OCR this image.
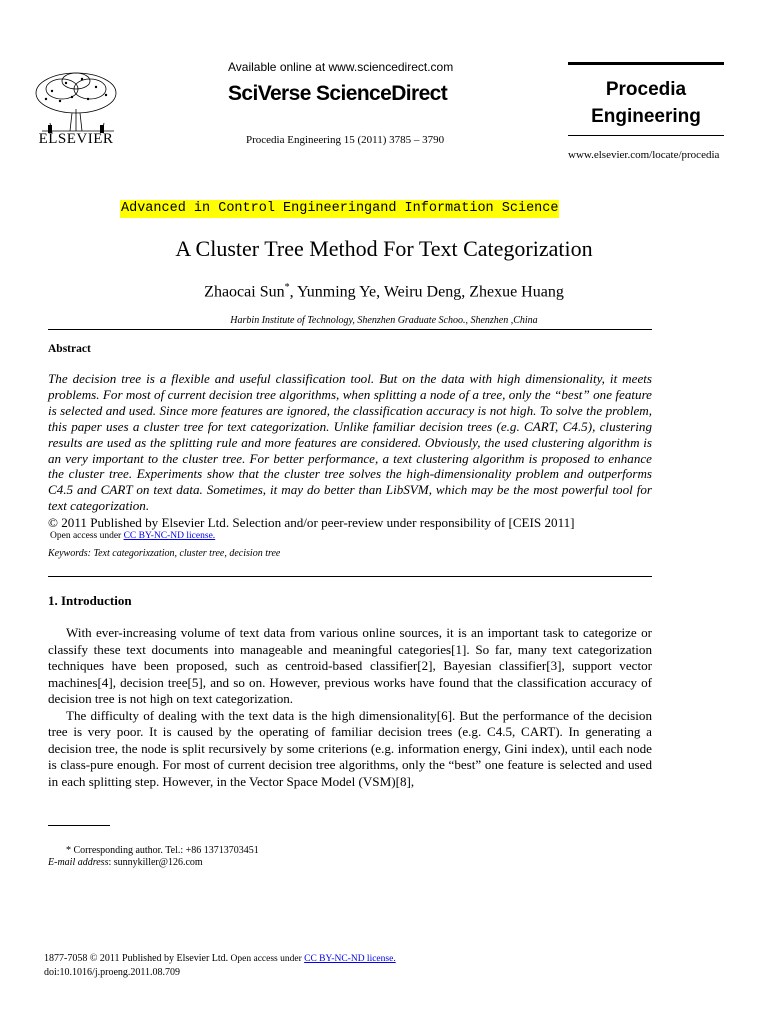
ELSEVIER
Available online at www.sciencedirect.com
SciVerse ScienceDirect
Procedia Engineering 15 (2011) 3785 – 3790
Procedia
Engineering
www.elsevier.com/locate/procedia
Advanced in Control Engineeringand Information Science
A Cluster Tree Method For Text Categorization
Zhaocai Sun*, Yunming Ye, Weiru Deng, Zhexue Huang
Harbin Institute of Technology, Shenzhen Graduate Schoo., Shenzhen ,China
Abstract
The decision tree is a flexible and useful classification tool. But on the data with high dimensionality, it meets problems. For most of current decision tree algorithms, when splitting a node of a tree, only the “best” one feature is selected and used. Since more features are ignored, the classification accuracy is not high. To solve the problem, this paper uses a cluster tree for text categorization. Unlike familiar decision trees (e.g. CART, C4.5), clustering results are used as the splitting rule and more features are considered. Obviously, the used clustering algorithm is an very important to the cluster tree. For better performance, a text clustering algorithm is proposed to enhance the cluster tree. Experiments show that the cluster tree solves the high-dimensionality problem and outperforms C4.5 and CART on text data. Sometimes, it may do better than LibSVM, which may be the most powerful tool for text categorization.
© 2011 Published by Elsevier Ltd. Selection and/or peer-review under responsibility of [CEIS 2011]
Open access under CC BY-NC-ND license.
Keywords: Text categorixzation, cluster tree, decision tree
1. Introduction

With ever-increasing volume of text data from various online sources, it is an important task to categorize or classify these text documents into manageable and meaningful categories[1]. So far, many text categorization techniques have been proposed, such as centroid-based classifier[2], Bayesian classifier[3], support vector machines[4], decision tree[5], and so on. However, previous works have found that the classification accuracy of decision tree is not high on text categorization.

The difficulty of dealing with the text data is the high dimensionality[6]. But the performance of the decision tree is very poor. It is caused by the operating of familiar decision trees (e.g. C4.5, CART). In generating a decision tree, the node is split recursively by some criterions (e.g. information energy, Gini index), until each node is class-pure enough. For most of current decision tree algorithms, only the “best” one feature is selected and used in each splitting step. However, in the Vector Space Model (VSM)[8],

* Corresponding author. Tel.: +86 13713703451
E-mail address: sunnykiller@126.com
1877-7058 © 2011 Published by Elsevier Ltd. Open access under CC BY-NC-ND license.
doi:10.1016/j.proeng.2011.08.709
